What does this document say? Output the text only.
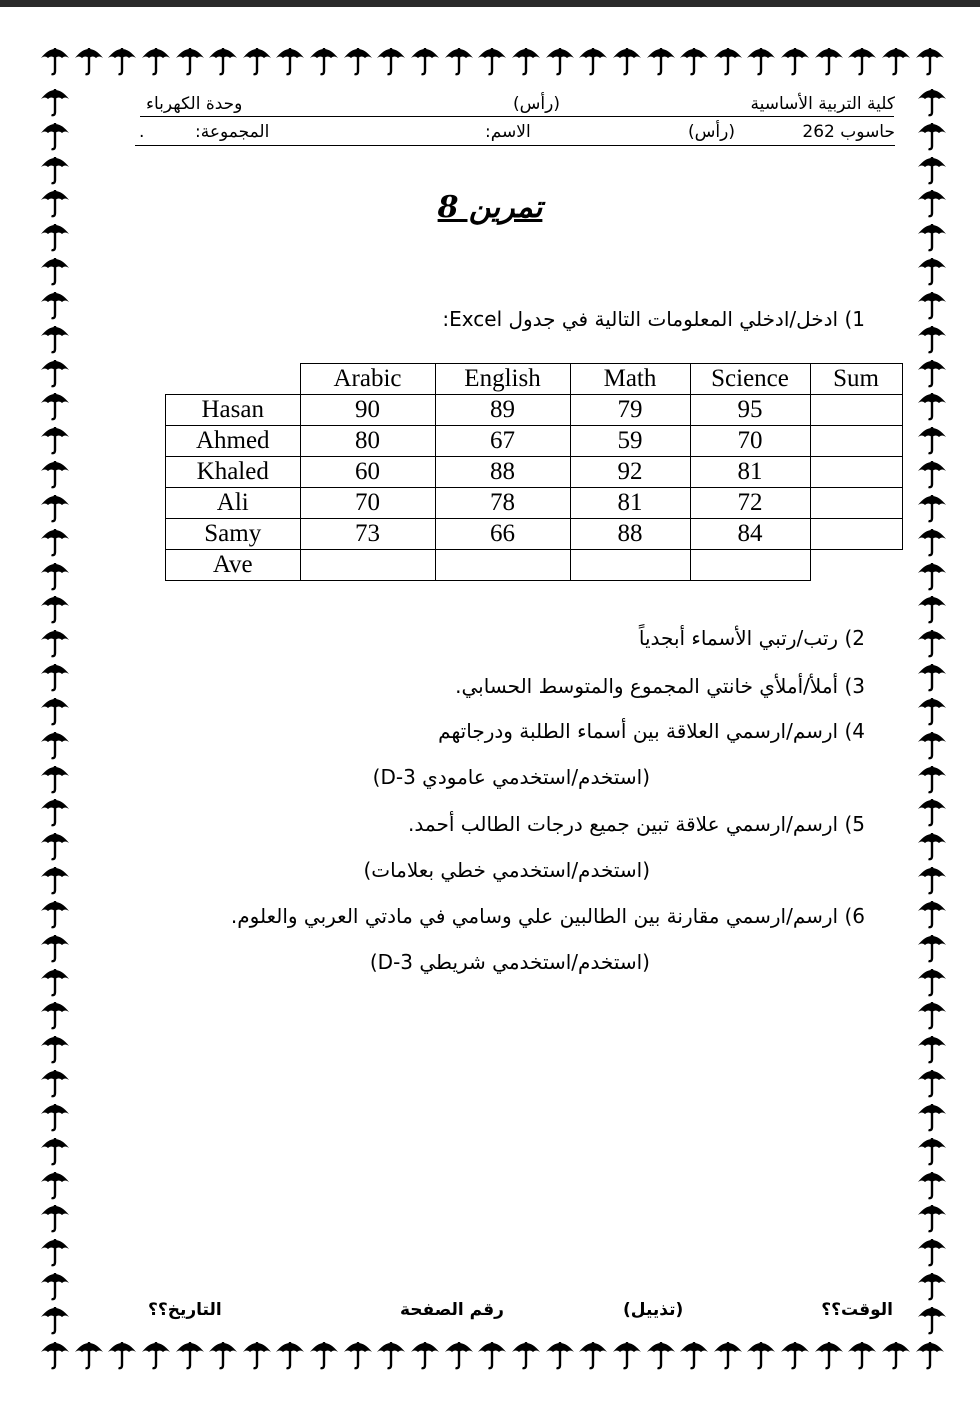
كلية التربية الأساسية
(رأس)
وحدة الكهرباء
حاسوب 262
(رأس)
الاسم:
المجموعة:
.
تمرين 8
1) ادخل/ادخلي المعلومات التالية في جدول Excel:
	Arabic	English	Math	Science	Sum
Hasan	90	89	79	95	
Ahmed	80	67	59	70	
Khaled	60	88	92	81	
Ali	70	78	81	72	
Samy	73	66	88	84	
Ave					
2) رتب/رتبي الأسماء أبجدياً
3) أملأ/أملأي خانتي المجموع والمتوسط الحسابي.
4) ارسم/ارسمي العلاقة بين أسماء الطلبة ودرجاتهم
(استخدم/استخدمي عامودي 3-D)
5) ارسم/ارسمي علاقة تبين جميع درجات الطالب أحمد.
(استخدم/استخدمي خطي بعلامات)
6) ارسم/ارسمي مقارنة بين الطالبين علي وسامي في مادتي العربي والعلوم.
(استخدم/استخدمي شريطي 3-D)
الوقت؟؟
(تذييل)
رقم الصفحة
التاريخ؟؟
